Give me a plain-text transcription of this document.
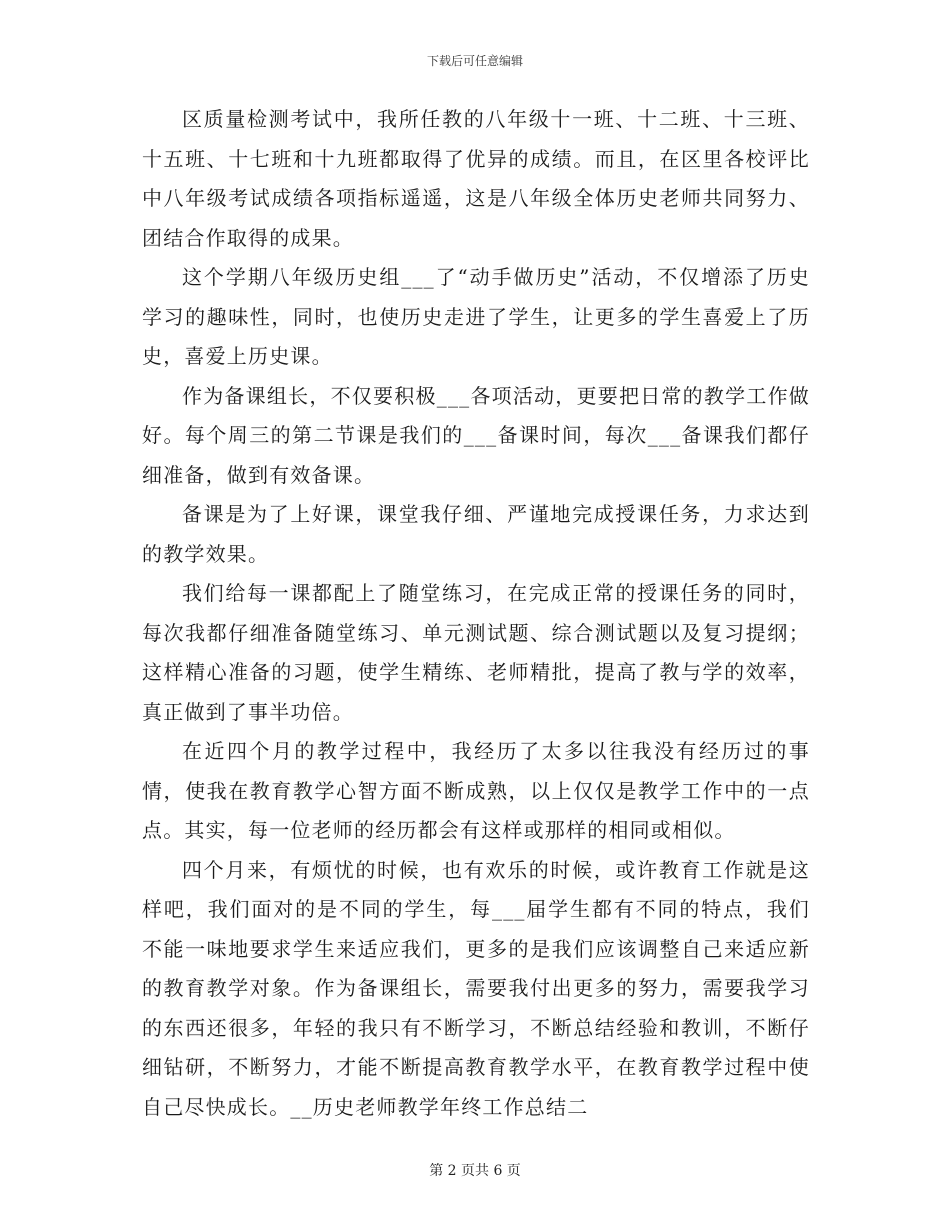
下载后可任意编辑

区质量检测考试中，我所任教的八年级十一班、十二班、十三班、十五班、十七班和十九班都取得了优异的成绩。而且，在区里各校评比中八年级考试成绩各项指标遥遥，这是八年级全体历史老师共同努力、团结合作取得的成果。

这个学期八年级历史组___了“动手做历史”活动，不仅增添了历史学习的趣味性，同时，也使历史走进了学生，让更多的学生喜爱上了历史，喜爱上历史课。

作为备课组长，不仅要积极___各项活动，更要把日常的教学工作做好。每个周三的第二节课是我们的___备课时间，每次___备课我们都仔细准备，做到有效备课。

备课是为了上好课，课堂我仔细、严谨地完成授课任务，力求达到的教学效果。

我们给每一课都配上了随堂练习，在完成正常的授课任务的同时，每次我都仔细准备随堂练习、单元测试题、综合测试题以及复习提纲；这样精心准备的习题，使学生精练、老师精批，提高了教与学的效率，真正做到了事半功倍。

在近四个月的教学过程中，我经历了太多以往我没有经历过的事情，使我在教育教学心智方面不断成熟，以上仅仅是教学工作中的一点点。其实，每一位老师的经历都会有这样或那样的相同或相似。

四个月来，有烦忧的时候，也有欢乐的时候，或许教育工作就是这样吧，我们面对的是不同的学生，每___届学生都有不同的特点，我们不能一味地要求学生来适应我们，更多的是我们应该调整自己来适应新的教育教学对象。作为备课组长，需要我付出更多的努力，需要我学习的东西还很多，年轻的我只有不断学习，不断总结经验和教训，不断仔细钻研，不断努力，才能不断提高教育教学水平，在教育教学过程中使自己尽快成长。__历史老师教学年终工作总结二

第 2 页共 6 页
